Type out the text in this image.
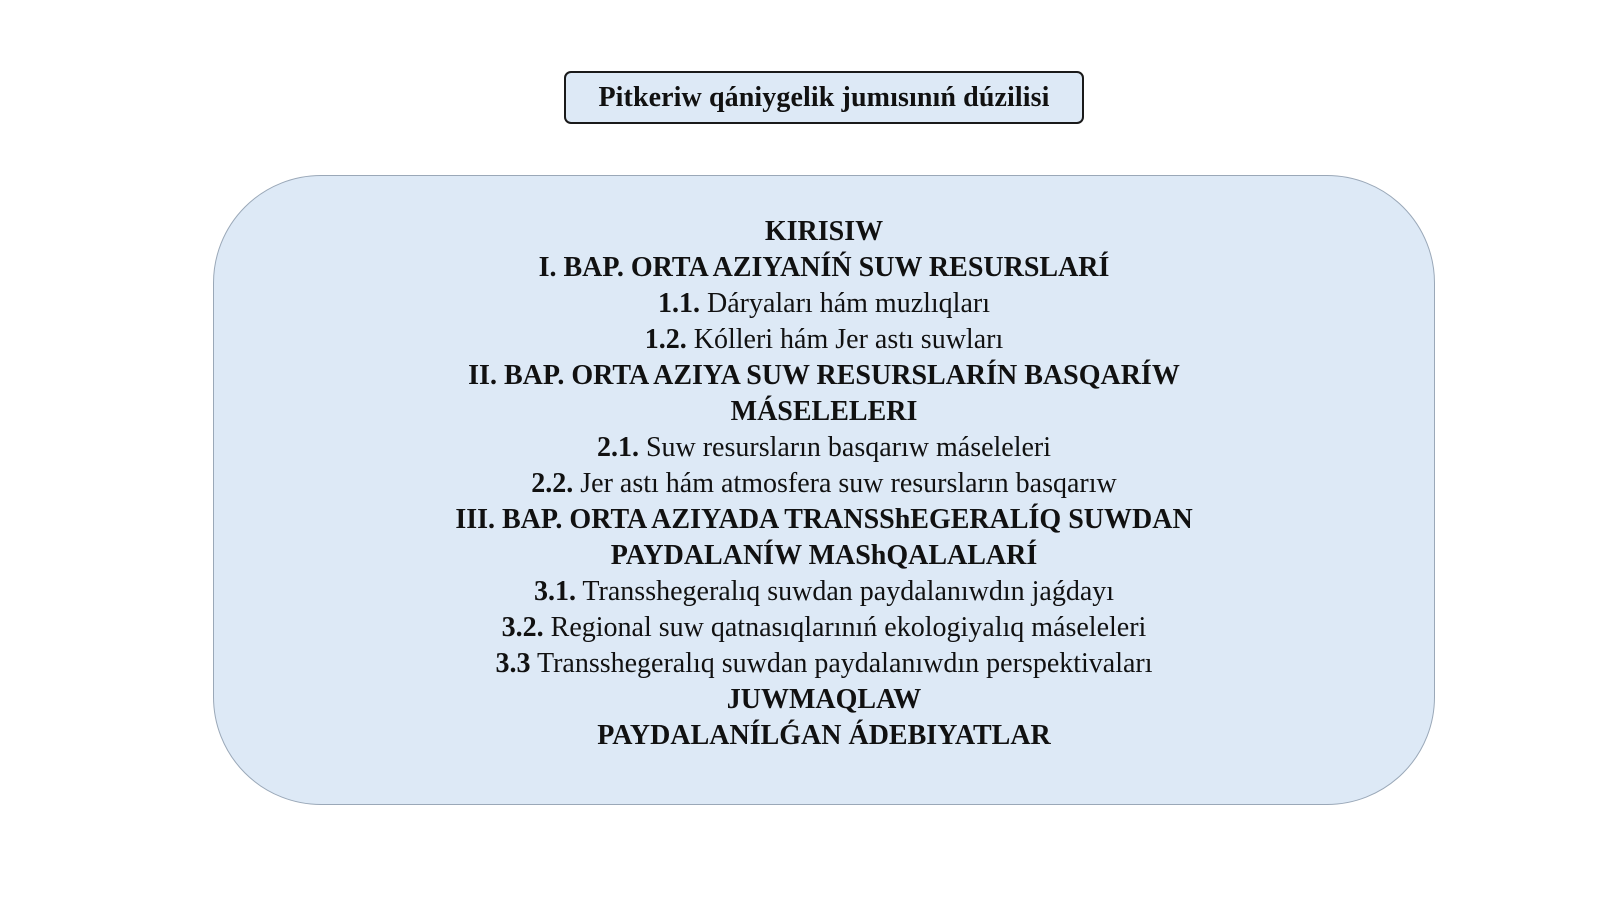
Pitkeriw qániygelik jumısınıń dúzilisi
KIRISIW
I. BAP. ORTA AZIYANÍŃ SUW RESURSLARÍ
1.1. Dáryaları hám muzlıqları
1.2. Kólleri hám Jer astı suwları
II. BAP. ORTA AZIYA SUW RESURSLARÍN BASQARÍW
MÁSELELERI
2.1. Suw resursların basqarıw máseleleri
2.2. Jer astı hám atmosfera suw resursların basqarıw
III. BAP. ORTA AZIYADA TRANSShEGERALÍQ SUWDAN
PAYDALANÍW MAShQALALARÍ
3.1. Transshegeralıq suwdan paydalanıwdın jaǵdayı
3.2. Regional suw qatnasıqlarınıń ekologiyalıq máseleleri
3.3 Transshegeralıq suwdan paydalanıwdın perspektivaları
JUWMAQLAW
PAYDALANÍLǴAN ÁDEBIYATLAR
